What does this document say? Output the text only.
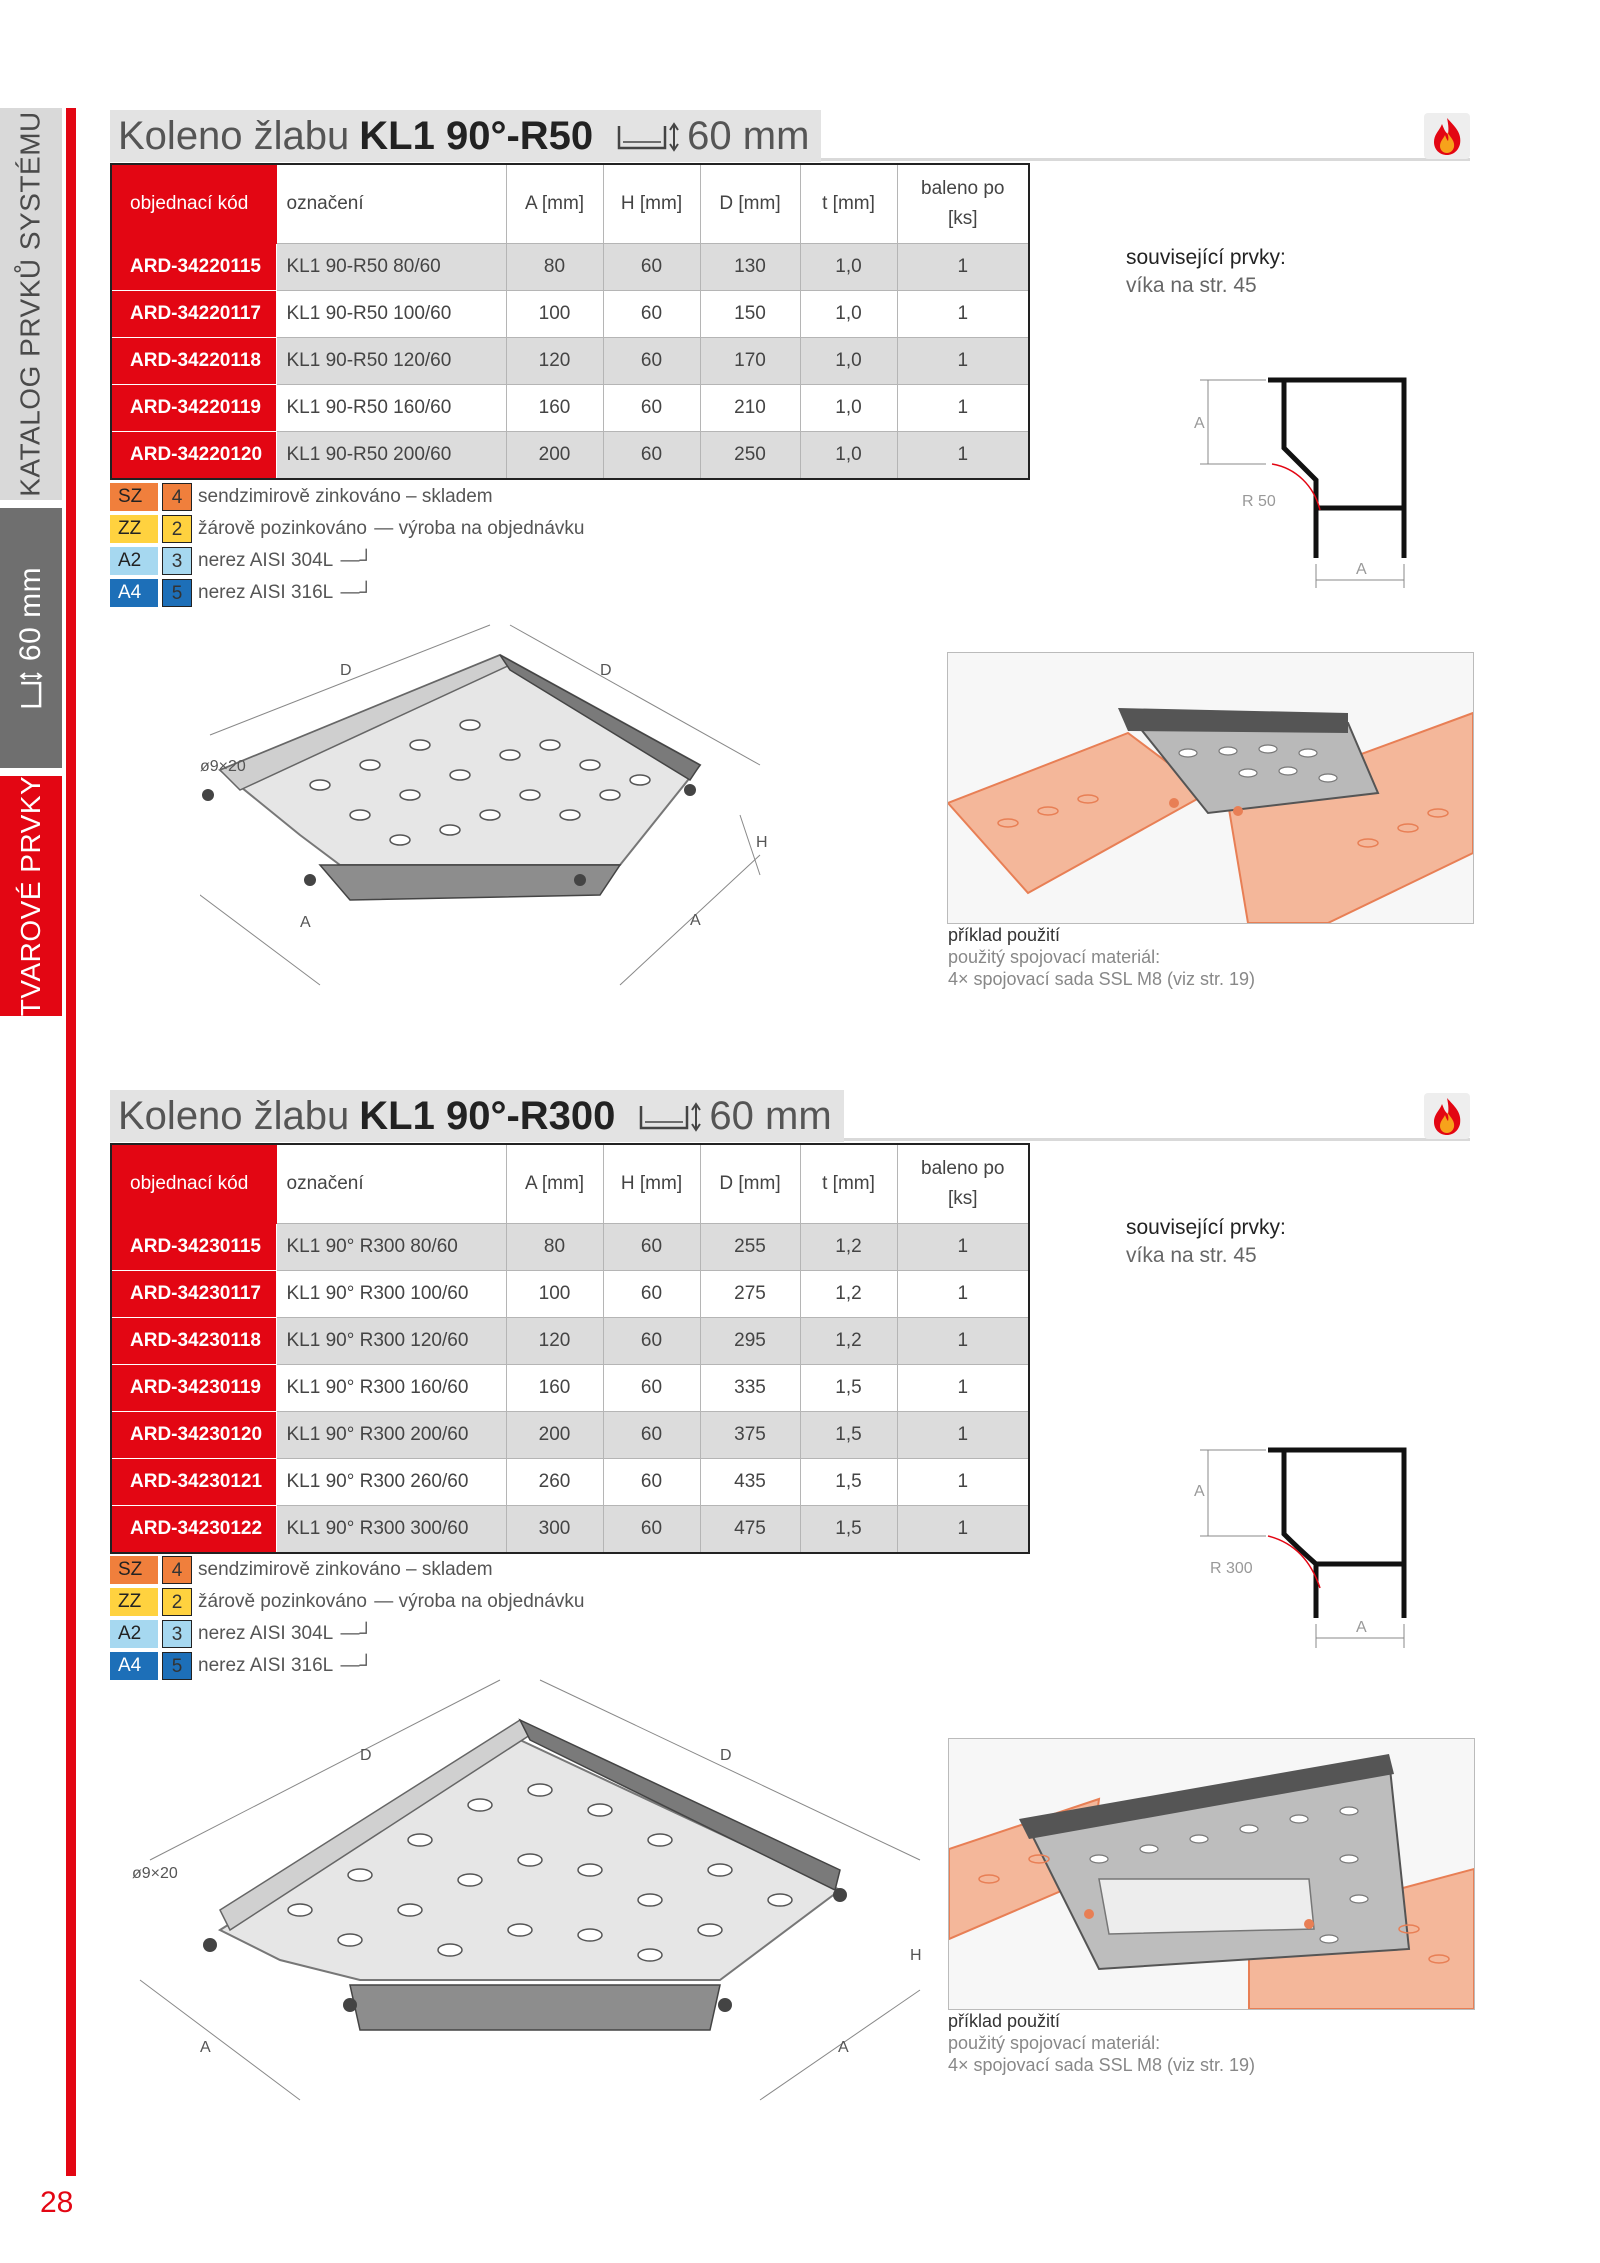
KATALOG PRVKŮ SYSTÉMU
60 mm
TVAROVÉ PRVKY
28
Koleno žlabu KL1 90°-R50 60 mm
objednací kód	označení	A [mm]	H [mm]	D [mm]	t [mm]	baleno po
[ks]

ARD-34220115	KL1 90-R50 80/60	80	60	130	1,0	1
ARD-34220117	KL1 90-R50 100/60	100	60	150	1,0	1
ARD-34220118	KL1 90-R50 120/60	120	60	170	1,0	1
ARD-34220119	KL1 90-R50 160/60	160	60	210	1,0	1
ARD-34220120	KL1 90-R50 200/60	200	60	250	1,0	1
SZ	4 sendzimirově zinkováno – skladem
ZZ	2 žárově pozinkováno — výroba na objednávku
A2	3 nerez AISI 304L —┘
A4	5 nerez AISI 316L —┘
související prvky:
víka na str. 45
A
R 50
A
ø9×20
D	D
A	A
H
příklad použití
použitý spojovací materiál:
4× spojovací sada SSL M8 (viz str. 19)
Koleno žlabu KL1 90°-R300 60 mm
objednací kód	označení	A [mm]	H [mm]	D [mm]	t [mm]	baleno po
[ks]

ARD-34230115	KL1 90° R300 80/60	80	60	255	1,2	1
ARD-34230117	KL1 90° R300 100/60	100	60	275	1,2	1
ARD-34230118	KL1 90° R300 120/60	120	60	295	1,2	1
ARD-34230119	KL1 90° R300 160/60	160	60	335	1,5	1
ARD-34230120	KL1 90° R300 200/60	200	60	375	1,5	1
ARD-34230121	KL1 90° R300 260/60	260	60	435	1,5	1
ARD-34230122	KL1 90° R300 300/60	300	60	475	1,5	1
SZ	4 sendzimirově zinkováno – skladem
ZZ	2 žárově pozinkováno — výroba na objednávku
A2	3 nerez AISI 304L —┘
A4	5 nerez AISI 316L —┘
související prvky:
víka na str. 45
A
R 300
A
ø9×20
D	D
A	A
H
příklad použití
použitý spojovací materiál:
4× spojovací sada SSL M8 (viz str. 19)
